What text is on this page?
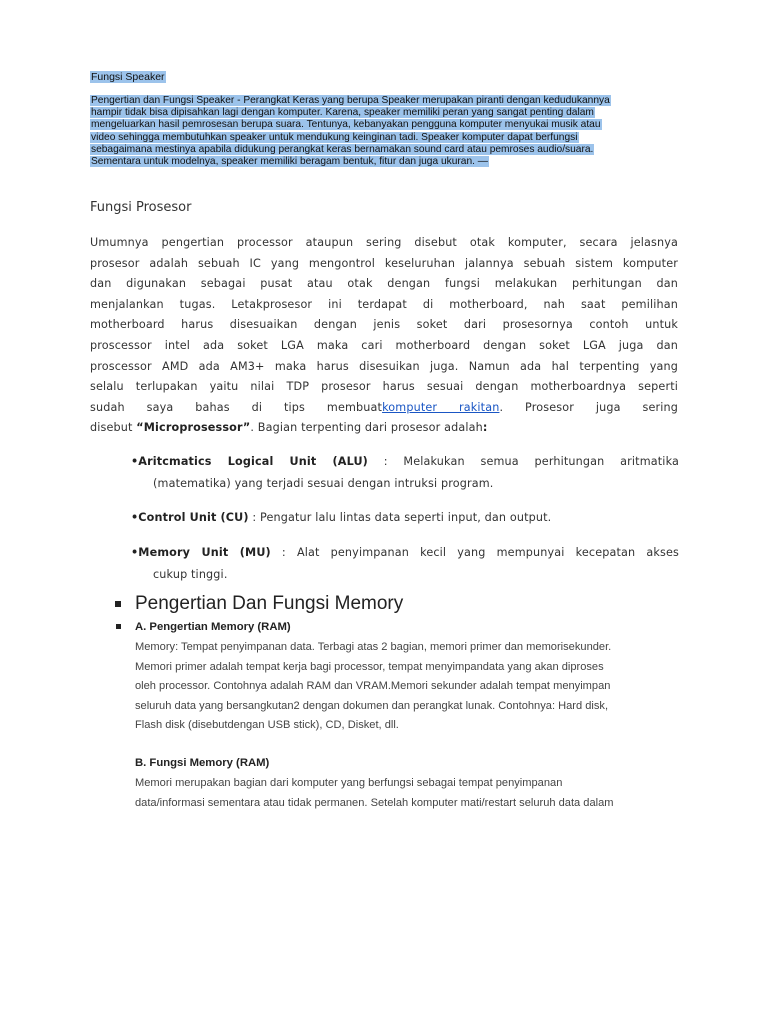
Fungsi Speaker
Pengertian dan Fungsi Speaker - Perangkat Keras yang berupa Speaker merupakan piranti dengan kedudukannya
hampir tidak bisa dipisahkan lagi dengan komputer. Karena, speaker memiliki peran yang sangat penting dalam
mengeluarkan hasil pemrosesan berupa suara. Tentunya, kebanyakan pengguna komputer menyukai musik atau
video sehingga membutuhkan speaker untuk mendukung keinginan tadi. Speaker komputer dapat berfungsi
sebagaimana mestinya apabila didukung perangkat keras bernamakan sound card atau pemroses audio/suara.
Sementara untuk modelnya, speaker memiliki beragam bentuk, fitur dan juga ukuran. —
Fungsi Prosesor
Umumnya pengertian processor ataupun sering disebut otak komputer, secara jelasnya
prosesor adalah sebuah IC yang mengontrol keseluruhan jalannya sebuah sistem komputer
dan digunakan sebagai pusat atau otak dengan fungsi melakukan perhitungan dan
menjalankan tugas. Letakprosesor ini terdapat di motherboard, nah saat pemilihan
motherboard harus disesuaikan dengan jenis soket dari prosesornya contoh untuk
proscessor intel ada soket LGA maka cari motherboard dengan soket LGA juga dan
proscessor AMD ada AM3+ maka harus disesuikan juga. Namun ada hal terpenting yang
selalu terlupakan yaitu nilai TDP prosesor harus sesuai dengan motherboardnya seperti
sudah saya bahas di tips membuatkomputer rakitan. Prosesor juga sering
disebut “Microprosessor”. Bagian terpenting dari prosesor adalah:
•Aritcmatics Logical Unit (ALU) : Melakukan semua perhitungan aritmatika
(matematika) yang terjadi sesuai dengan intruksi program.
•Control Unit (CU) : Pengatur lalu lintas data seperti input, dan output.
•Memory Unit (MU) : Alat penyimpanan kecil yang mempunyai kecepatan akses
cukup tinggi.
Pengertian Dan Fungsi Memory
A. Pengertian Memory (RAM)
Memory: Tempat penyimpanan data. Terbagi atas 2 bagian, memori primer dan memorisekunder.
Memori primer adalah tempat kerja bagi processor, tempat menyimpandata yang akan diproses
oleh processor. Contohnya adalah RAM dan VRAM.Memori sekunder adalah tempat menyimpan
seluruh data yang bersangkutan2 dengan dokumen dan perangkat lunak. Contohnya: Hard disk,
Flash disk (disebutdengan USB stick), CD, Disket, dll.
B. Fungsi Memory (RAM)
Memori merupakan bagian dari komputer yang berfungsi sebagai tempat penyimpanan
data/informasi sementara atau tidak permanen. Setelah komputer mati/restart seluruh data dalam
